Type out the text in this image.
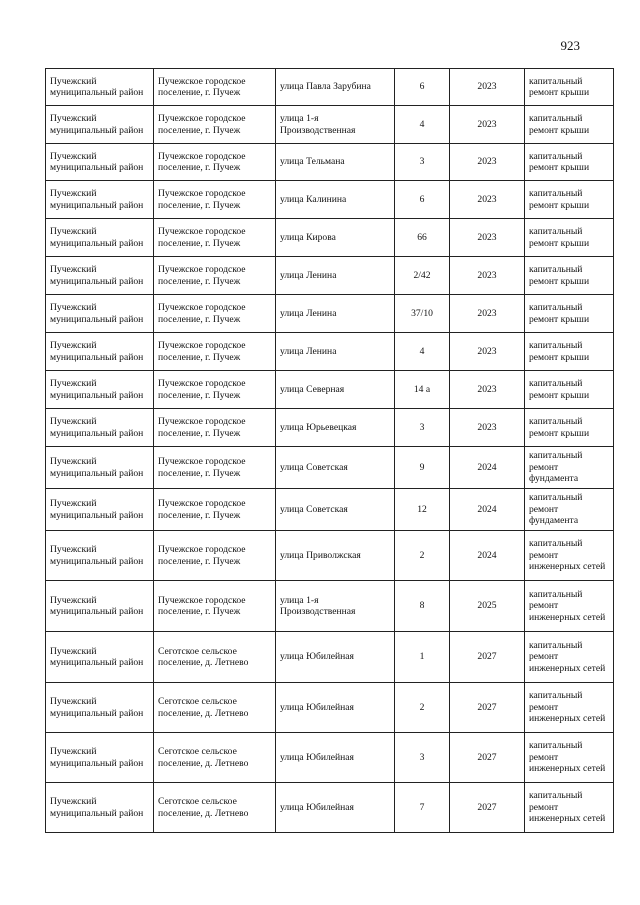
923
Пучежский муниципальный район	Пучежское городское поселение, г. Пучеж	улица Павла Зарубина	6	2023	капитальный ремонт крыши
Пучежский муниципальный район	Пучежское городское поселение, г. Пучеж	улица 1-я Производственная	4	2023	капитальный ремонт крыши
Пучежский муниципальный район	Пучежское городское поселение, г. Пучеж	улица Тельмана	3	2023	капитальный ремонт крыши
Пучежский муниципальный район	Пучежское городское поселение, г. Пучеж	улица Калинина	6	2023	капитальный ремонт крыши
Пучежский муниципальный район	Пучежское городское поселение, г. Пучеж	улица Кирова	66	2023	капитальный ремонт крыши
Пучежский муниципальный район	Пучежское городское поселение, г. Пучеж	улица Ленина	2/42	2023	капитальный ремонт крыши
Пучежский муниципальный район	Пучежское городское поселение, г. Пучеж	улица Ленина	37/10	2023	капитальный ремонт крыши
Пучежский муниципальный район	Пучежское городское поселение, г. Пучеж	улица Ленина	4	2023	капитальный ремонт крыши
Пучежский муниципальный район	Пучежское городское поселение, г. Пучеж	улица Северная	14 а	2023	капитальный ремонт крыши
Пучежский муниципальный район	Пучежское городское поселение, г. Пучеж	улица Юрьевецкая	3	2023	капитальный ремонт крыши
Пучежский муниципальный район	Пучежское городское поселение, г. Пучеж	улица Советская	9	2024	капитальный ремонт фундамента
Пучежский муниципальный район	Пучежское городское поселение, г. Пучеж	улица Советская	12	2024	капитальный ремонт фундамента
Пучежский муниципальный район	Пучежское городское поселение, г. Пучеж	улица Приволжская	2	2024	капитальный ремонт инженерных сетей
Пучежский муниципальный район	Пучежское городское поселение, г. Пучеж	улица 1-я Производственная	8	2025	капитальный ремонт инженерных сетей
Пучежский муниципальный район	Сеготское сельское поселение, д. Летнево	улица Юбилейная	1	2027	капитальный ремонт инженерных сетей
Пучежский муниципальный район	Сеготское сельское поселение, д. Летнево	улица Юбилейная	2	2027	капитальный ремонт инженерных сетей
Пучежский муниципальный район	Сеготское сельское поселение, д. Летнево	улица Юбилейная	3	2027	капитальный ремонт инженерных сетей
Пучежский муниципальный район	Сеготское сельское поселение, д. Летнево	улица Юбилейная	7	2027	капитальный ремонт инженерных сетей
